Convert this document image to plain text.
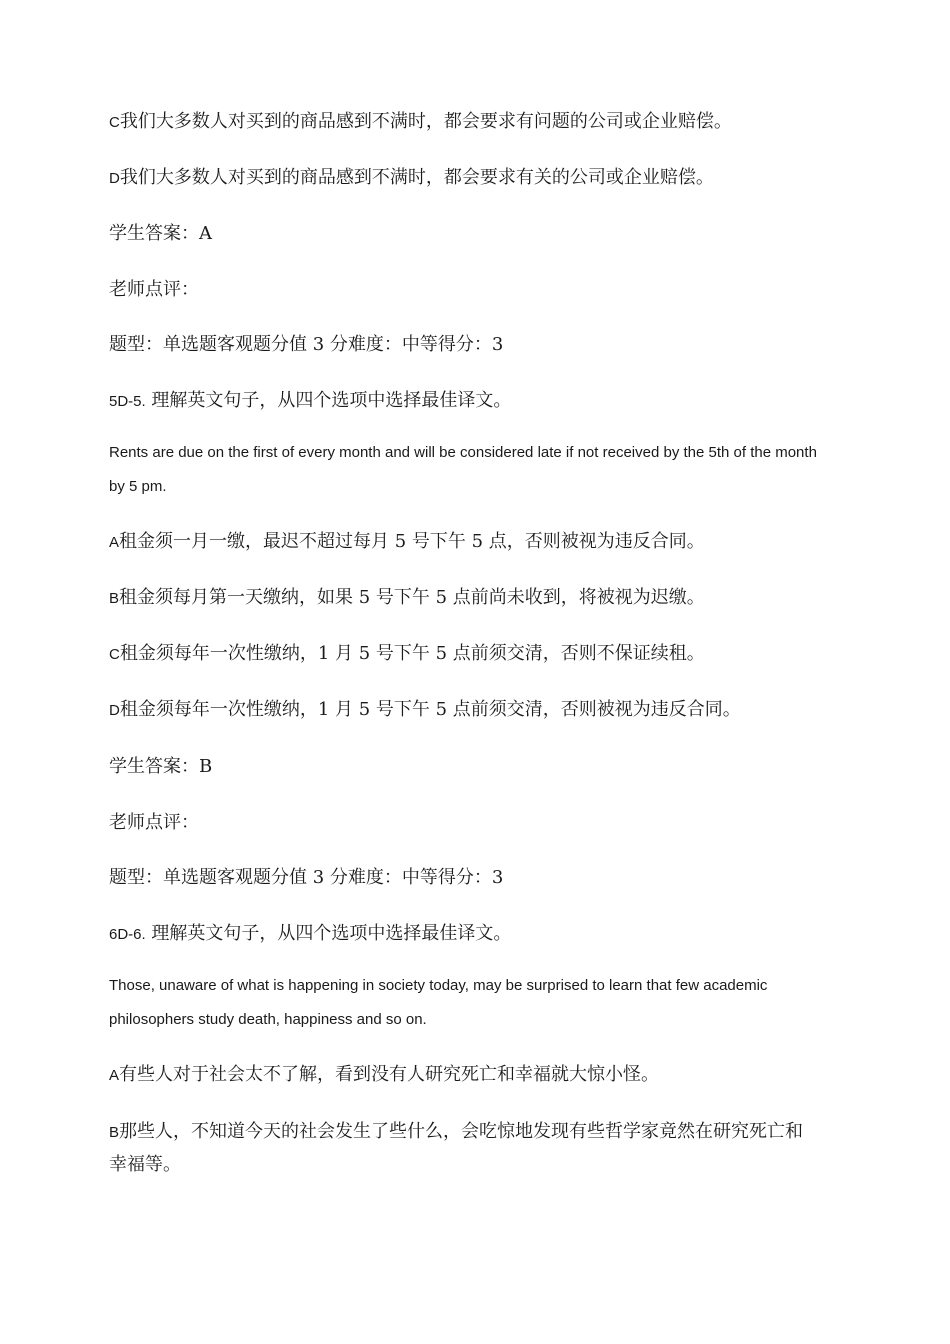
C我们大多数人对买到的商品感到不满时，都会要求有问题的公司或企业赔偿。
D我们大多数人对买到的商品感到不满时，都会要求有关的公司或企业赔偿。
学生答案：A
老师点评：
题型：单选题客观题分值 3 分难度：中等得分：3
5D-5. 理解英文句子，从四个选项中选择最佳译文。
Rents are due on the first of every month and will be considered late if not received by the 5th of the month by 5 pm.
A租金须一月一缴，最迟不超过每月 5 号下午 5 点，否则被视为违反合同。
B租金须每月第一天缴纳，如果 5 号下午 5 点前尚未收到，将被视为迟缴。
C租金须每年一次性缴纳，1 月 5 号下午 5 点前须交清，否则不保证续租。
D租金须每年一次性缴纳，1 月 5 号下午 5 点前须交清，否则被视为违反合同。
学生答案：B
老师点评：
题型：单选题客观题分值 3 分难度：中等得分：3
6D-6. 理解英文句子，从四个选项中选择最佳译文。
Those, unaware of what is happening in society today, may be surprised to learn that few academic philosophers study death, happiness and so on.
A有些人对于社会太不了解，看到没有人研究死亡和幸福就大惊小怪。
B那些人，不知道今天的社会发生了些什么，会吃惊地发现有些哲学家竟然在研究死亡和 幸福等。
